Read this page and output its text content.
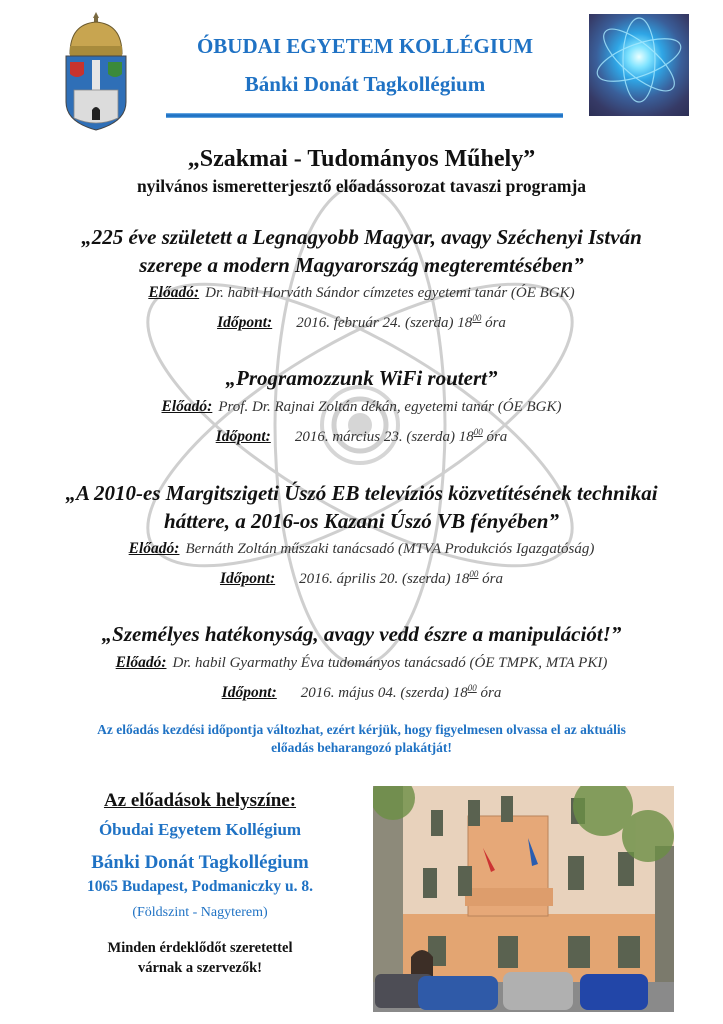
ÓBUDAI EGYETEM KOLLÉGIUM
Bánki Donát Tagkollégium
„Szakmai - Tudományos Műhely”
nyilvános ismeretterjesztő előadássorozat tavaszi programja
„225 éve született a Legnagyobb Magyar, avagy Széchenyi István
szerepe a modern Magyarország megteremtésében”
Előadó: Dr. habil Horváth Sándor címzetes egyetemi tanár (ÓE BGK)
Időpont: 2016. február 24. (szerda) $18^{00}$ óra
„Programozzunk WiFi routert”
Előadó: Prof. Dr. Rajnai Zoltán dékán, egyetemi tanár (ÓE BGK)
Időpont: 2016. március 23. (szerda) $18^{00}$ óra
„A 2010-es Margitszigeti Úszó EB televíziós közvetítésének technikai
háttere, a 2016-os Kazani Úszó VB fényében”
Előadó: Bernáth Zoltán műszaki tanácsadó (MTVA Produkciós Igazgatóság)
Időpont: 2016. április 20. (szerda) $18^{00}$ óra
„Személyes hatékonyság, avagy vedd észre a manipulációt!”
Előadó: Dr. habil Gyarmathy Éva tudományos tanácsadó (ÓE TMPK, MTA PKI)
Időpont: 2016. május 04. (szerda) $18^{00}$ óra
Az előadás kezdési időpontja változhat, ezért kérjük, hogy figyelmesen olvassa el az aktuális
előadás beharangozó plakátját!
Az előadások helyszíne:
Óbudai Egyetem Kollégium
Bánki Donát Tagkollégium
1065 Budapest, Podmaniczky u. 8.
(Földszint - Nagyterem)
Minden érdeklődőt szeretettel
várnak a szervezők!
